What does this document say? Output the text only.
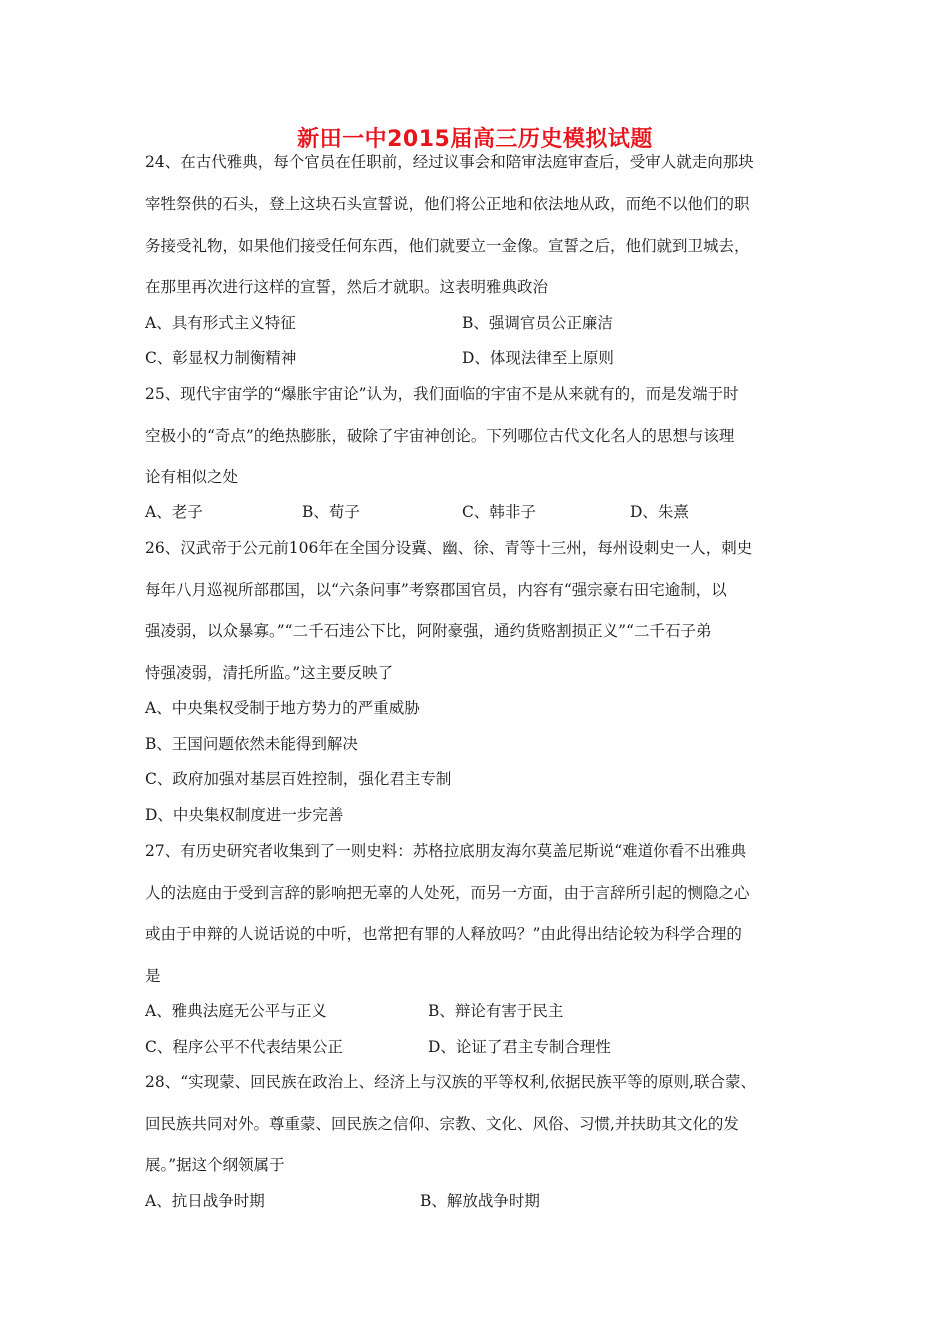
新田一中2015届高三历史模拟试题
24、在古代雅典，每个官员在任职前，经过议事会和陪审法庭审查后，受审人就走向那块
宰牲祭供的石头，登上这块石头宣誓说，他们将公正地和依法地从政，而绝不以他们的职
务接受礼物，如果他们接受任何东西，他们就要立一金像。宣誓之后，他们就到卫城去，
在那里再次进行这样的宣誓，然后才就职。这表明雅典政治
A、具有形式主义特征	B、强调官员公正廉洁
C、彰显权力制衡精神	D、体现法律至上原则
25、现代宇宙学的“爆胀宇宙论”认为，我们面临的宇宙不是从来就有的，而是发端于时
空极小的“奇点”的绝热膨胀，破除了宇宙神创论。下列哪位古代文化名人的思想与该理
论有相似之处
A、老子	B、荀子	C、韩非子	D、朱熹
26、汉武帝于公元前106年在全国分设冀、幽、徐、青等十三州，每州设刺史一人，刺史
每年八月巡视所部郡国，以“六条问事”考察郡国官员，内容有“强宗豪右田宅逾制，以
强凌弱，以众暴寡。”“二千石违公下比，阿附豪强，通约货赂割损正义”“二千石子弟
恃强凌弱，清托所监。”这主要反映了
A、中央集权受制于地方势力的严重威胁
B、王国问题依然未能得到解决
C、政府加强对基层百姓控制，强化君主专制
D、中央集权制度进一步完善
27、有历史研究者收集到了一则史料：苏格拉底朋友海尔莫盖尼斯说“难道你看不出雅典
人的法庭由于受到言辞的影响把无辜的人处死，而另一方面，由于言辞所引起的恻隐之心
或由于申辩的人说话说的中听，也常把有罪的人释放吗？”由此得出结论较为科学合理的
是
A、雅典法庭无公平与正义	B、辩论有害于民主
C、程序公平不代表结果公正	D、论证了君主专制合理性
28、“实现蒙、回民族在政治上、经济上与汉族的平等权利,依据民族平等的原则,联合蒙、
回民族共同对外。尊重蒙、回民族之信仰、宗教、文化、风俗、习惯,并扶助其文化的发
展。”据这个纲领属于
A、抗日战争时期	B、解放战争时期
